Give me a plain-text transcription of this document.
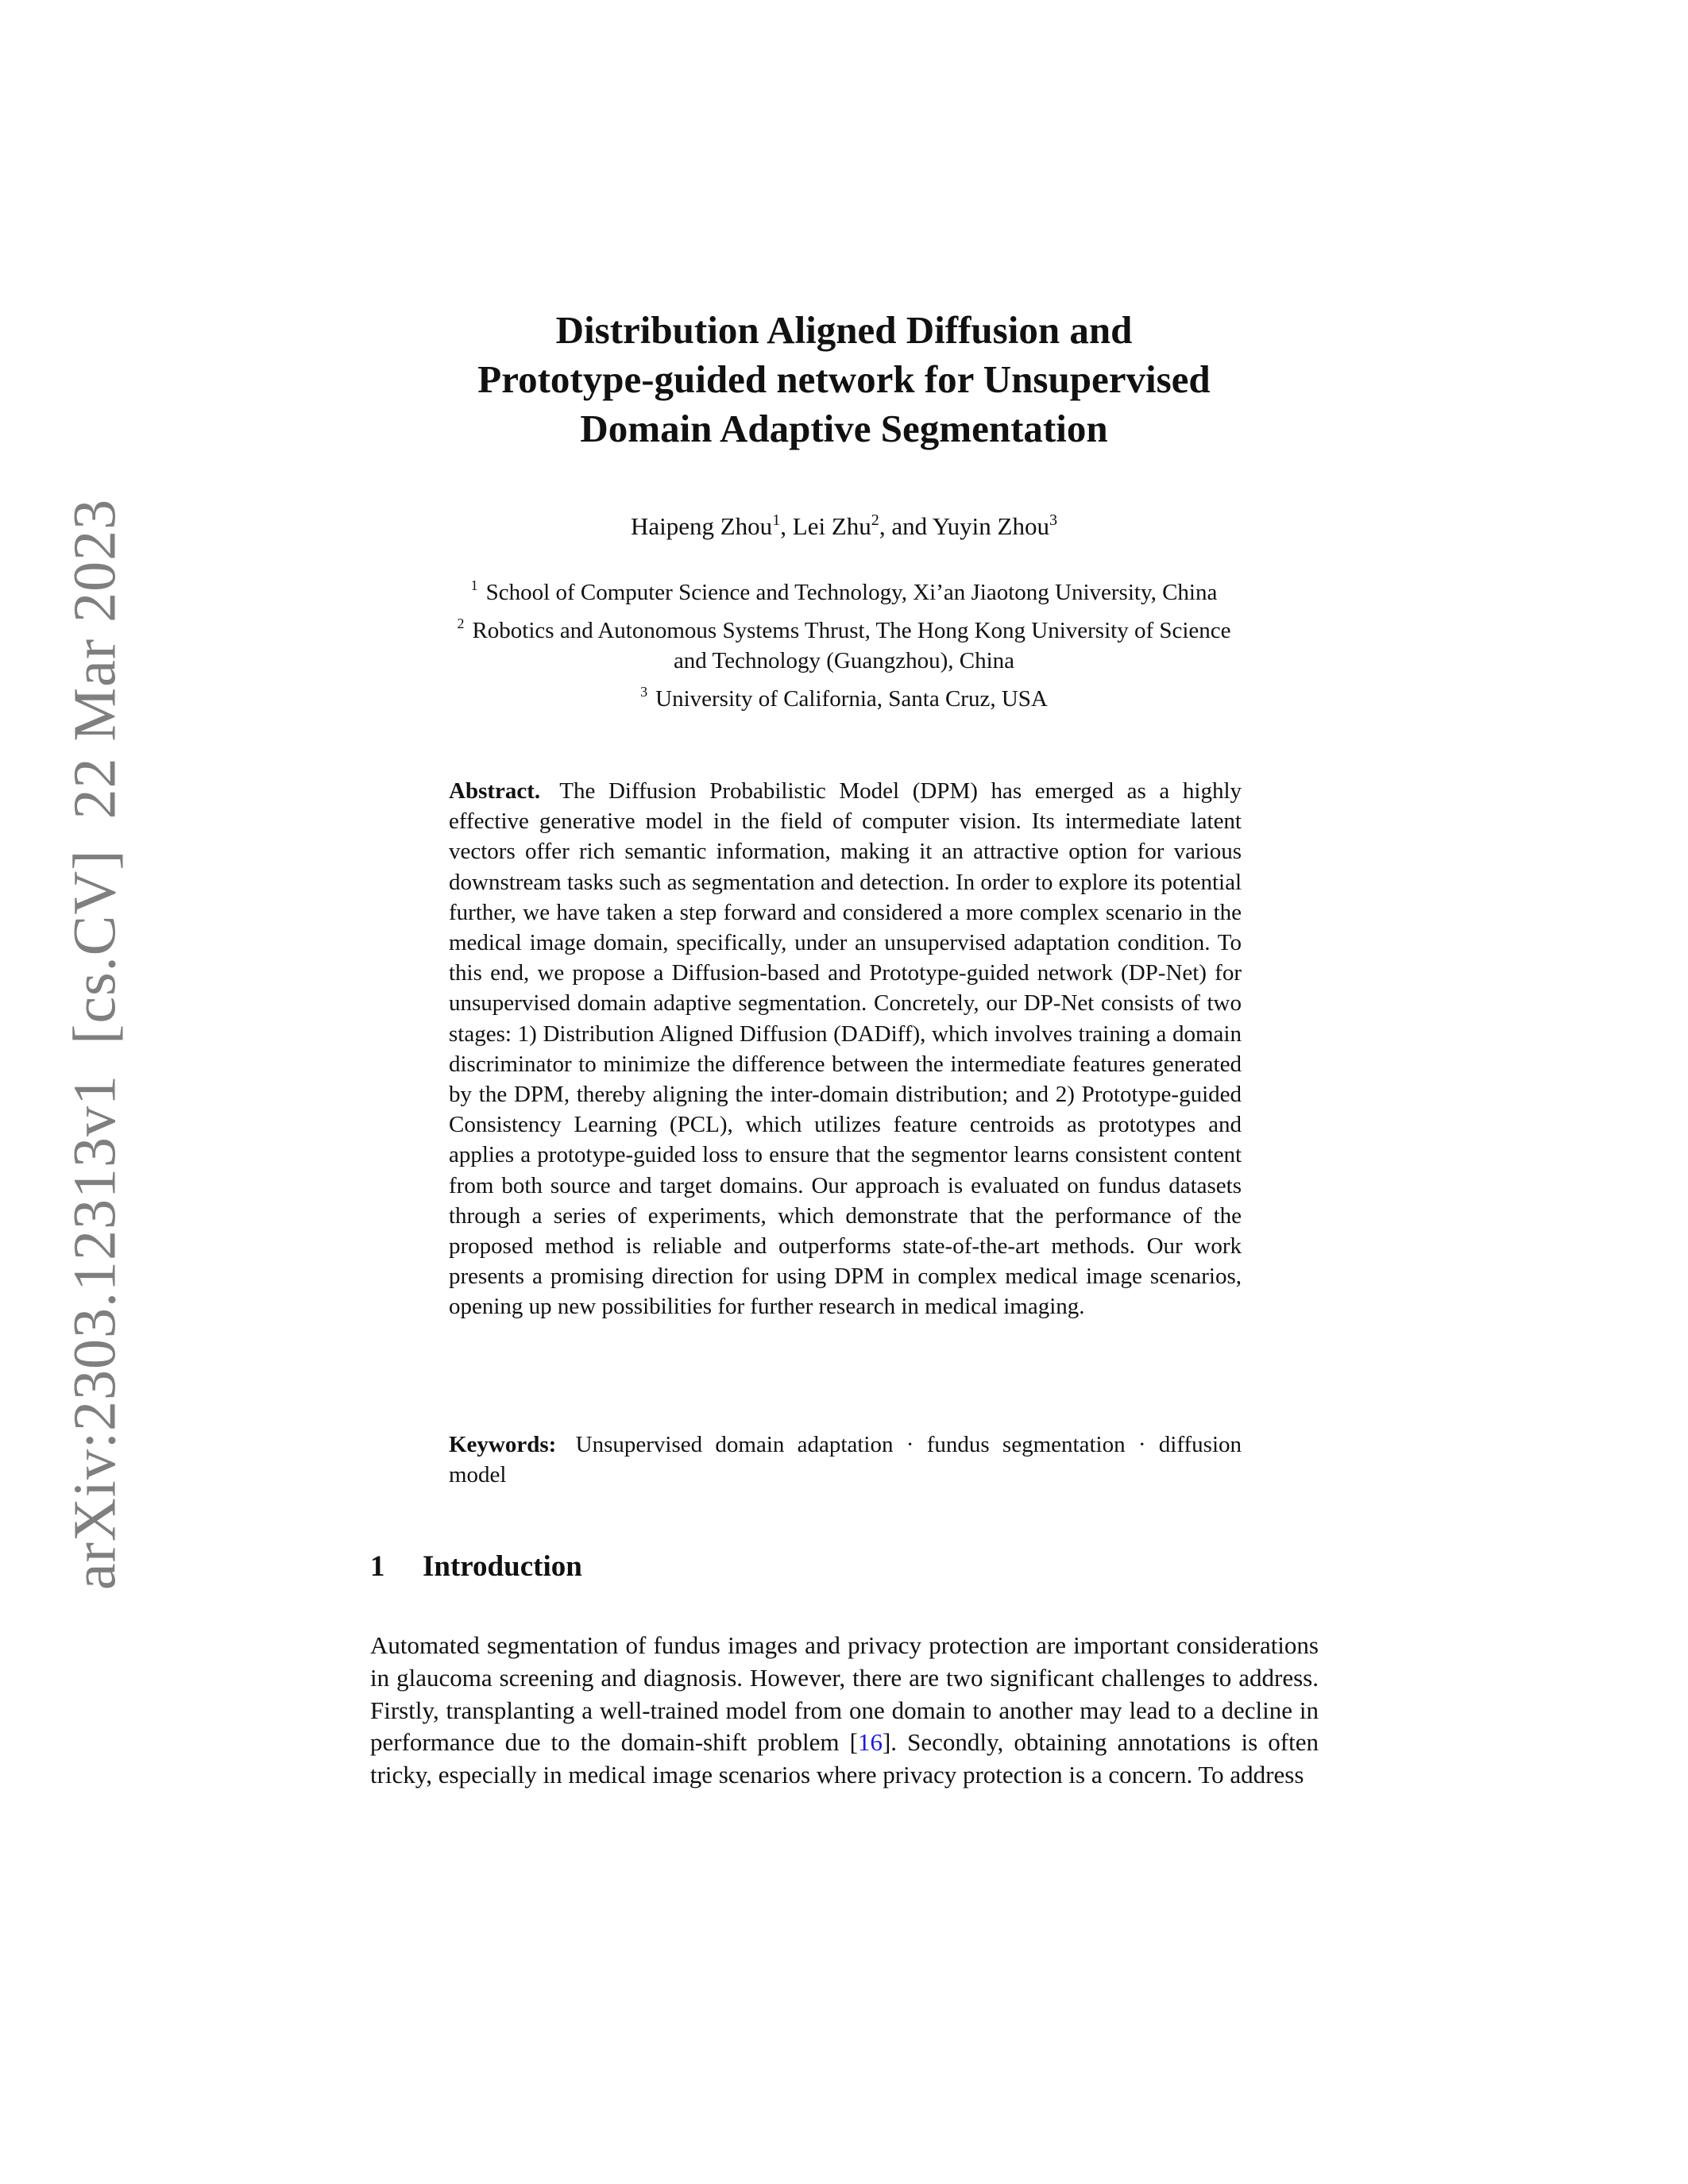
arXiv:2303.12313v1[cs.CV]22 Mar 2023
Distribution Aligned Diffusion and
Prototype-guided network for Unsupervised
Domain Adaptive Segmentation
Haipeng Zhou$^1$, Lei Zhu$^2$, and Yuyin Zhou$^3$
$^1$ School of Computer Science and Technology, Xi’an Jiaotong University, China
$^2$ Robotics and Autonomous Systems Thrust, The Hong Kong University of Science
and Technology (Guangzhou), China
$^3$ University of California, Santa Cruz, USA
Abstract. The Diffusion Probabilistic Model (DPM) has emerged as a highly effective generative model in the field of computer vision. Its intermediate latent vectors offer rich semantic information, making it an attractive option for various downstream tasks such as segmentation and detection. In order to explore its potential further, we have taken a step forward and considered a more complex scenario in the medical image domain, specifically, under an unsupervised adaptation condition. To this end, we propose a Diffusion-based and Prototype-guided network (DP-Net) for unsupervised domain adaptive segmentation. Concretely, our DP-Net consists of two stages: 1) Distribution Aligned Diffusion (DADiff), which involves training a domain discriminator to minimize the difference between the intermediate features generated by the DPM, thereby aligning the inter-domain distribution; and 2) Prototype-guided Consistency Learning (PCL), which utilizes feature centroids as prototypes and applies a prototype-guided loss to ensure that the segmentor learns consistent content from both source and target domains. Our approach is evaluated on fundus datasets through a series of experiments, which demonstrate that the performance of the proposed method is reliable and outperforms state-of-the-art methods. Our work presents a promising direction for using DPM in complex medical image scenarios, opening up new possibilities for further research in medical imaging.
Keywords: Unsupervised domain adaptation · fundus segmentation · diffusion model
1 Introduction
Automated segmentation of fundus images and privacy protection are important considerations in glaucoma screening and diagnosis. However, there are two significant challenges to address. Firstly, transplanting a well-trained model from one domain to another may lead to a decline in performance due to the domain-shift problem [16]. Secondly, obtaining annotations is often tricky, especially in medical image scenarios where privacy protection is a concern. To address
